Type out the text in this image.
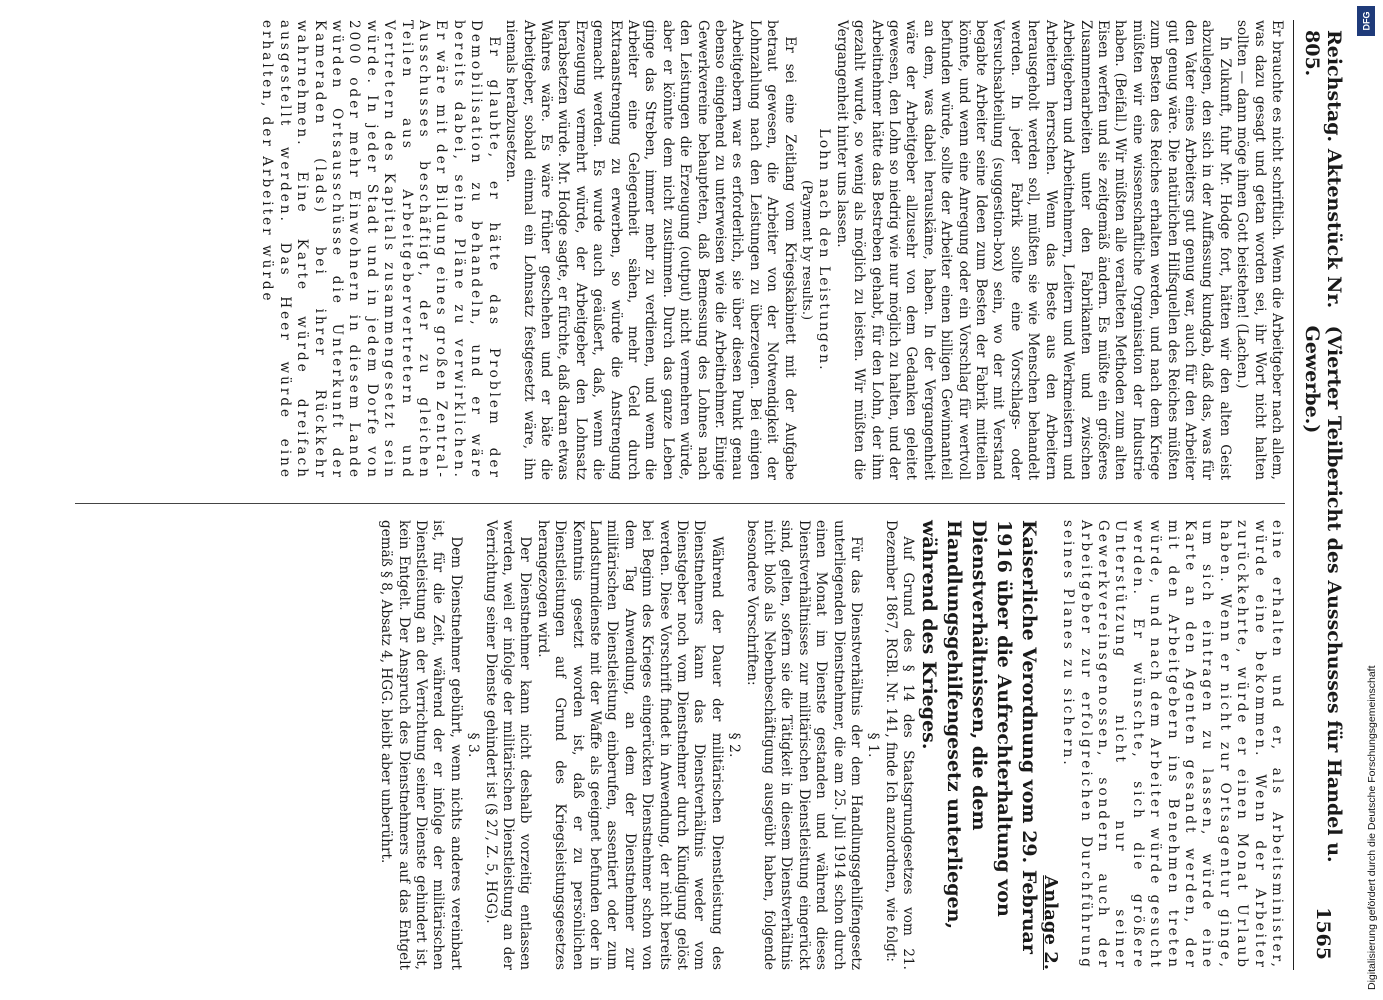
Reichstag. Aktenstück Nr. 805.
(Vierter Teilbericht des Ausschusses für Handel u. Gewerbe.)
1565

Er brauchte es nicht schriftlich. Wenn die Arbeitgeber nach allem, was dazu gesagt und getan worden sei, ihr Wort nicht halten sollten — dann möge ihnen Gott beistehen! (Lachen.)

In Zukunft, fuhr Mr. Hodge fort, hätten wir den alten Geist abzulegen, den sich in der Auffassung kundgab, daß das, was für den Vater eines Arbeiters gut genug war, auch für den Arbeiter gut genug wäre. Die natürlichen Hilfsquellen des Reiches müßten zum Besten des Reiches erhalten werden, und nach dem Kriege müßten wir eine wissenschaftliche Organisation der Industrie haben. (Beifall.) Wir müßten alle veralteten Methoden zum alten Eisen werfen und sie zeitgemäß ändern. Es müßte ein größeres Zusammenarbeiten unter den Fabrikanten und zwischen Arbeitgebern und Arbeitnehmern, Leitern und Werkmeistern und Arbeitern herrschen. Wenn das Beste aus den Arbeitern herausgeholt werden soll, müßten sie wie Menschen behandelt werden. In jeder Fabrik sollte eine Vorschlags- oder Versuchsabteilung (suggestion-box) sein, wo der mit Verstand begabte Arbeiter seine Ideen zum Besten der Fabrik mitteilen könnte, und wenn eine Anregung oder ein Vorschlag für wertvoll befunden würde, sollte der Arbeiter einen billigen Gewinnanteil an dem, was dabei herauskäme, haben. In der Vergangenheit wäre der Arbeitgeber allzusehr von dem Gedanken geleitet gewesen, den Lohn so niedrig wie nur möglich zu halten, und der Arbeitnehmer hätte das Bestreben gehabt, für den Lohn, der ihm gezahlt wurde, so wenig als möglich zu leisten. Wir müßten die Vergangenheit hinter uns lassen.

Lohn nach den Leistungen.

(Payment by results.)

Er sei eine Zeitlang vom Kriegskabinett mit der Aufgabe betraut gewesen, die Arbeiter von der Notwendigkeit der Lohnzahlung nach den Leistungen zu überzeugen. Bei einigen Arbeitgebern war es erforderlich, sie über diesen Punkt genau ebenso eingehend zu unterweisen wie die Arbeitnehmer. Einige Gewerkvereine behaupteten, daß Bemessung des Lohnes nach den Leistungen die Erzeugung (output) nicht vermehren würde, aber er könnte dem nicht zustimmen. Durch das ganze Leben ginge das Streben, immer mehr zu verdienen, und wenn die Arbeiter eine Gelegenheit sähen, mehr Geld durch Extraanstrengung zu erwerben, so würde die Anstrengung gemacht werden. Es wurde auch geäußert, daß, wenn die Erzeugung vermehrt würde, der Arbeitgeber den Lohnsatz herabsetzen würde. Mr. Hodge sagte, er fürchte, daß daran etwas Wahres wäre. Es wäre früher geschehen und er bäte die Arbeitgeber, sobald einmal ein Lohnsatz festgesetzt wäre, ihn niemals herabzusetzen.

Er glaubte, er hätte das Problem der Demobilisation zu behandeln, und er wäre bereits dabei, seine Pläne zu verwirklichen. Er wäre mit der Bildung eines großen Zentral-Ausschusses beschäftigt, der zu gleichen Teilen aus Arbeitgebervertretern und Vertretern des Kapitals zusammengesetzt sein würde. In jeder Stadt und in jedem Dorfe von 2000 oder mehr Einwohnern in diesem Lande würden Ortsausschüsse die Unterkunft der Kameraden (lads) bei ihrer Rückkehr wahrnehmen. Eine Karte würde dreifach ausgestellt werden. Das Heer würde eine erhalten, der Arbeiter würde

eine erhalten und er, als Arbeitsminister, würde eine bekommen. Wenn der Arbeiter zurückkehrte, würde er einen Monat Urlaub haben. Wenn er nicht zur Ortsagentur ginge, um sich eintragen zu lassen, würde eine Karte an den Agenten gesandt werden, der mit den Arbeitgebern ins Benehmen treten würde, und nach dem Arbeiter würde gesucht werden. Er wünschte, sich die größere Unterstützung nicht nur seiner Gewerkvereinsgenossen, sondern auch der Arbeitgeber zur erfolgreichen Durchführung seines Planes zu sichern.

Anlage 2.

Kaiserliche Verordnung vom 29. Februar 1916 über die Aufrechterhaltung von Dienstverhältnissen, die dem Handlungsgehilfengesetz unterliegen, während des Krieges.

Auf Grund des § 14 des Staatsgrundgesetzes vom 21. Dezember 1867, RGBl. Nr. 141, finde Ich anzuordnen, wie folgt:

§ 1.

Für das Dienstverhältnis der dem Handlungsgehilfengesetz unterliegenden Dienstnehmer, die am 25. Juli 1914 schon durch einen Monat im Dienste gestanden und während dieses Dienstverhältnisses zur militärischen Dienstleistung eingerückt sind, gelten, sofern sie die Tätigkeit in diesem Dienstverhältnis nicht bloß als Nebenbeschäftigung ausgeübt haben, folgende besondere Vorschriften:

§ 2.

Während der Dauer der militärischen Dienstleistung des Dienstnehmers kann das Dienstverhältnis weder vom Dienstgeber noch vom Dienstnehmer durch Kündigung gelöst werden. Diese Vorschrift findet in Anwendung, der nicht bereits bei Beginn des Krieges eingerückten Dienstnehmer schon von dem Tag Anwendung, an dem der Dienstnehmer zur militärischen Dienstleistung einberufen, assentiert oder zum Landsturmdienste mit der Waffe als geeignet befunden oder in Kenntnis gesetzt worden ist, daß er zu persönlichen Dienstleistungen auf Grund des Kriegsleistungsgesetzes herangezogen wird.

Der Dienstnehmer kann nicht deshalb vorzeitig entlassen werden, weil er infolge der militärischen Dienstleistung an der Verrichtung seiner Dienste gehindert ist (§ 27, Z. 5, HGG).

§ 3.

Dem Dienstnehmer gebührt, wenn nichts anderes vereinbart ist, für die Zeit, während der er infolge der militärischen Dienstleistung an der Verrichtung seiner Dienste gehindert ist, kein Entgelt. Der Anspruch des Dienstnehmers auf das Entgelt gemäß § 8, Absatz 4, HGG. bleibt aber unberührt.

DFG
Digitalisierung gefördert durch die Deutsche Forschungsgemeinschaft
